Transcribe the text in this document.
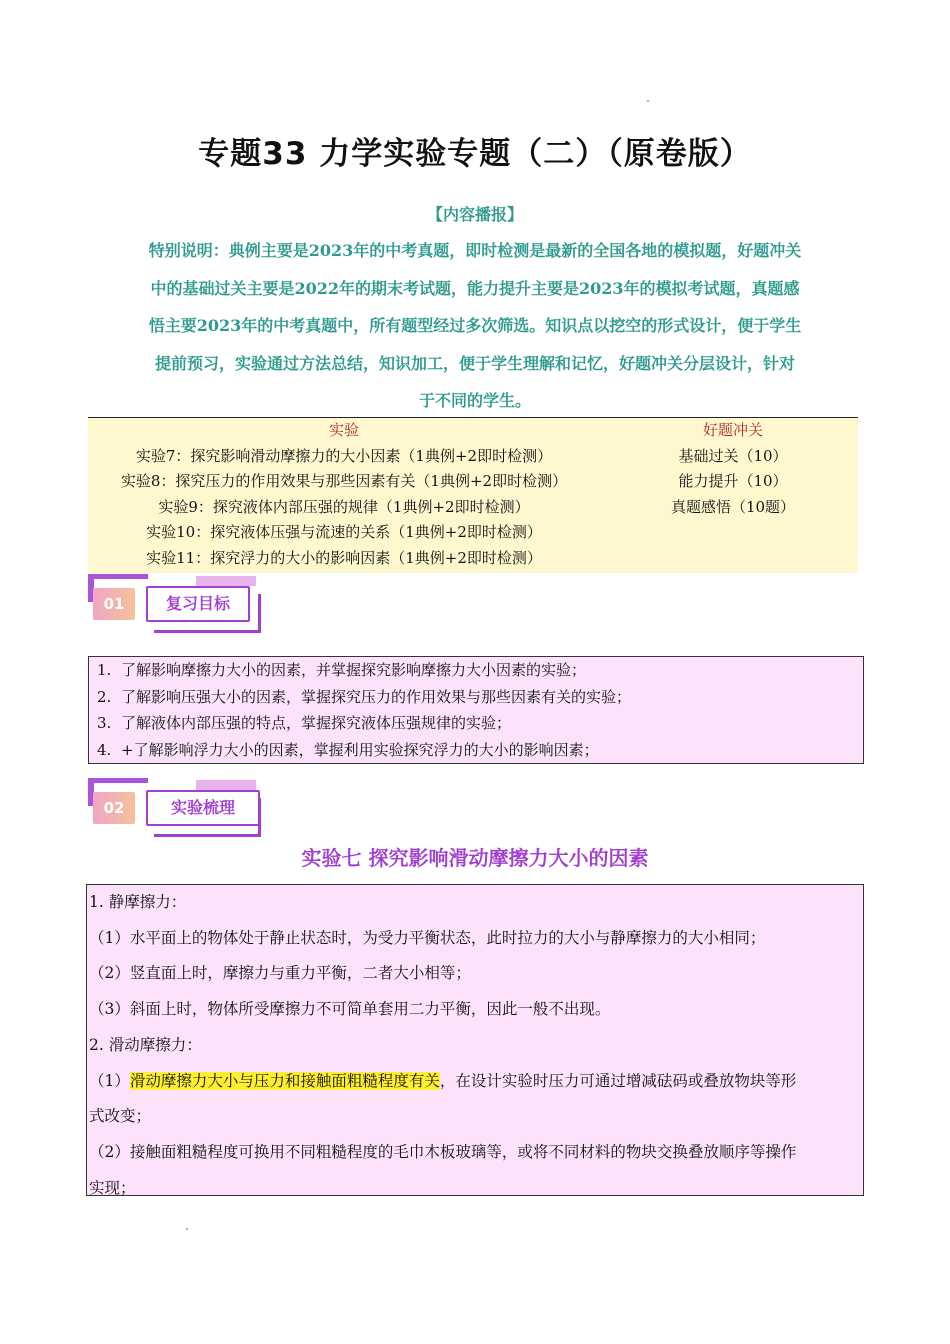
专题33 力学实验专题（二）（原卷版）
【内容播报】
特别说明：典例主要是2023年的中考真题，即时检测是最新的全国各地的模拟题，好题冲关
中的基础过关主要是2022年的期末考试题，能力提升主要是2023年的模拟考试题，真题感
悟主要2023年的中考真题中，所有题型经过多次筛选。知识点以挖空的形式设计，便于学生
提前预习，实验通过方法总结，知识加工，便于学生理解和记忆，好题冲关分层设计，针对
于不同的学生。
实验
实验7：探究影响滑动摩擦力的大小因素（1典例+2即时检测）
实验8：探究压力的作用效果与那些因素有关（1典例+2即时检测）
实验9：探究液体内部压强的规律（1典例+2即时检测）
实验10：探究液体压强与流速的关系（1典例+2即时检测）
实验11：探究浮力的大小的影响因素（1典例+2即时检测）
好题冲关
基础过关（10）
能力提升（10）
真题感悟（10题）
01	复习目标
1. 了解影响摩擦力大小的因素，并掌握探究影响摩擦力大小因素的实验；
2. 了解影响压强大小的因素，掌握探究压力的作用效果与那些因素有关的实验；
3. 了解液体内部压强的特点，掌握探究液体压强规律的实验；
4. +了解影响浮力大小的因素，掌握利用实验探究浮力的大小的影响因素；
02	实验梳理
实验七 探究影响滑动摩擦力大小的因素
1. 静摩擦力：
（1）水平面上的物体处于静止状态时，为受力平衡状态，此时拉力的大小与静摩擦力的大小相同；
（2）竖直面上时，摩擦力与重力平衡，二者大小相等；
（3）斜面上时，物体所受摩擦力不可简单套用二力平衡，因此一般不出现。
2. 滑动摩擦力：
（1）滑动摩擦力大小与压力和接触面粗糙程度有关，在设计实验时压力可通过增减砝码或叠放物块等形
式改变；
（2）接触面粗糙程度可换用不同粗糙程度的毛巾木板玻璃等，或将不同材料的物块交换叠放顺序等操作
实现；
